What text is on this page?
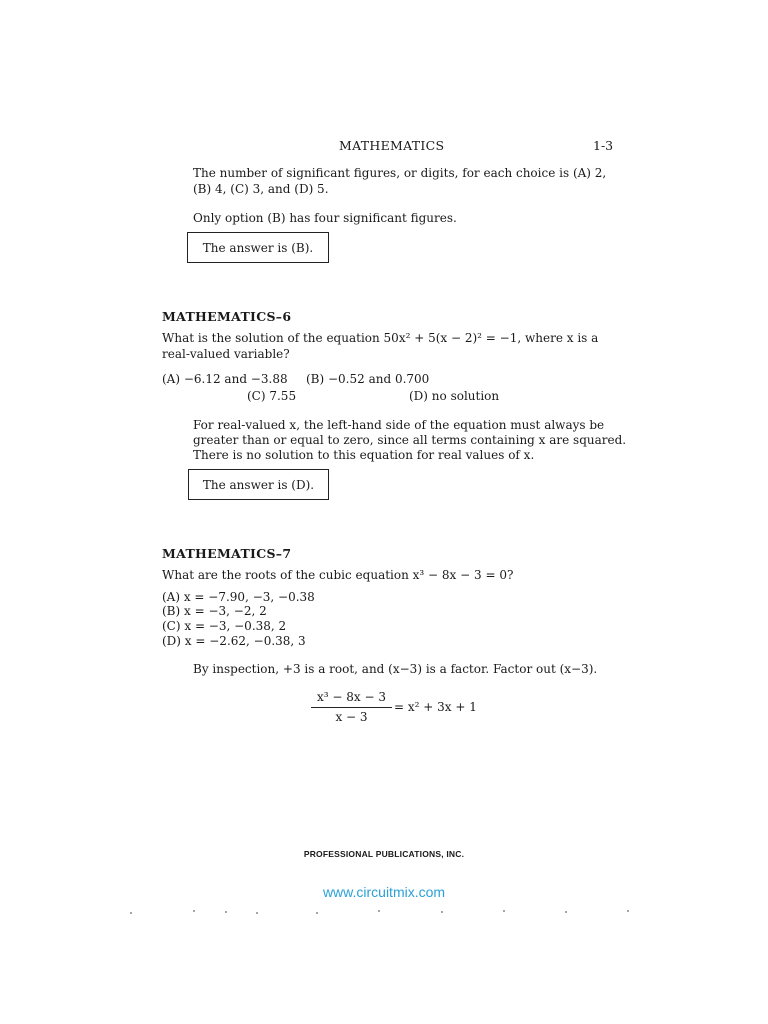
MATHEMATICS	1-3
The number of significant figures, or digits, for each choice is (A) 2,
(B) 4, (C) 3, and (D) 5.
Only option (B) has four significant figures.
The answer is (B).
MATHEMATICS–6
What is the solution of the equation 50x² + 5(x − 2)² = −1, where x is a
real-valued variable?
(A) −6.12 and −3.88 (B) −0.52 and 0.700
(C) 7.55	(D) no solution
For real-valued x, the left-hand side of the equation must always be
greater than or equal to zero, since all terms containing x are squared.
There is no solution to this equation for real values of x.
The answer is (D).
MATHEMATICS–7
What are the roots of the cubic equation x³ − 8x − 3 = 0?
(A) x = −7.90, −3, −0.38
(B) x = −3, −2, 2
(C) x = −3, −0.38, 2
(D) x = −2.62, −0.38, 3
By inspection, +3 is a root, and (x−3) is a factor. Factor out (x−3).
$\frac{\text{x³ − 8x − 3}}{x - 3} = x^2 + 3x + 1$
PROFESSIONAL PUBLICATIONS, INC.
www.circuitmix.com
